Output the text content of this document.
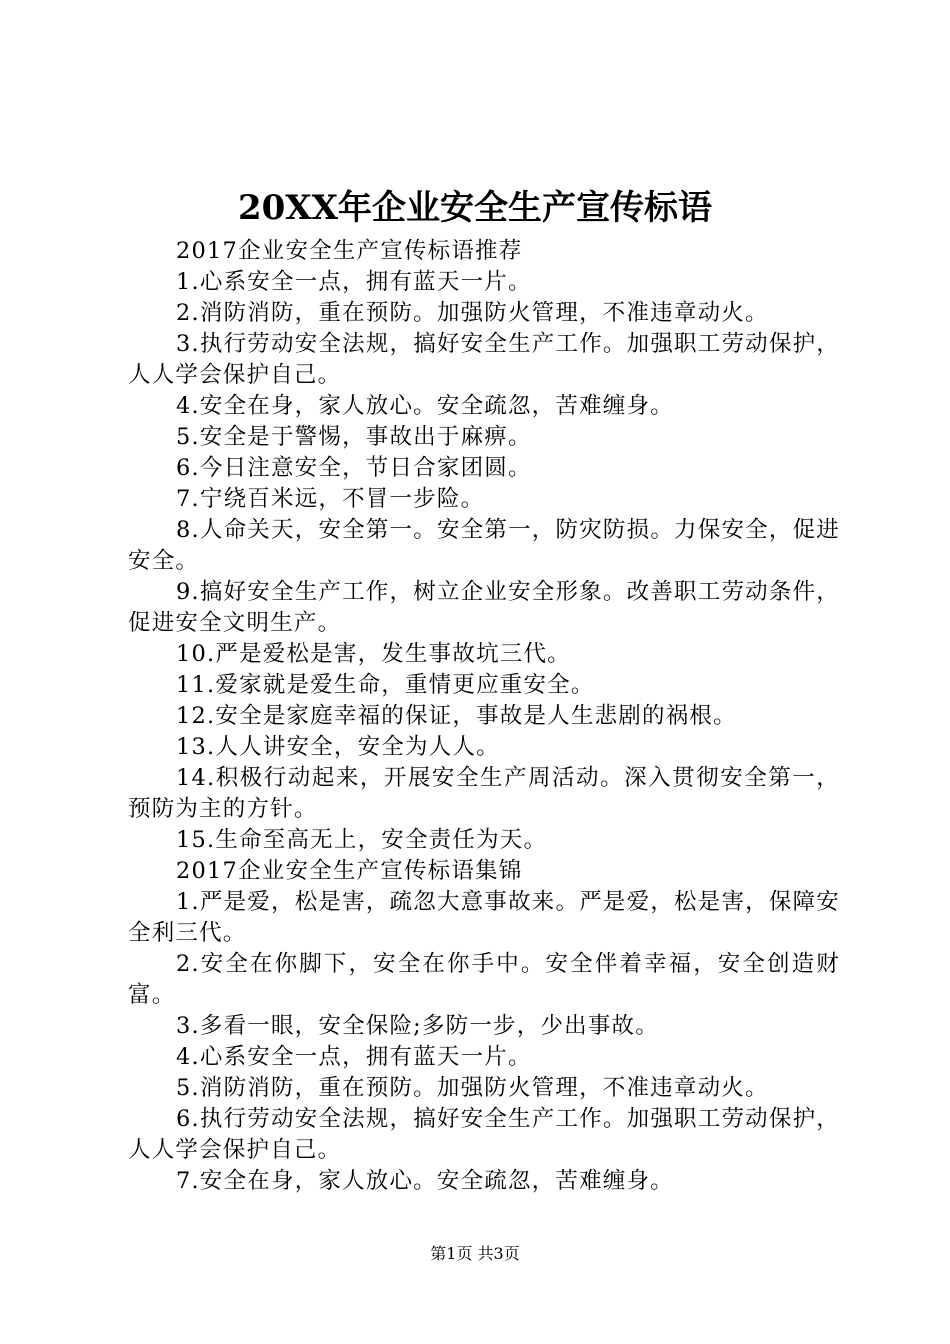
20XX年企业安全生产宣传标语

2017企业安全生产宣传标语推荐

1.心系安全一点，拥有蓝天一片。

2.消防消防，重在预防。加强防火管理，不准违章动火。

3.执行劳动安全法规，搞好安全生产工作。加强职工劳动保护，人人学会保护自己。

4.安全在身，家人放心。安全疏忽，苦难缠身。

5.安全是于警惕，事故出于麻痹。

6.今日注意安全，节日合家团圆。

7.宁绕百米远，不冒一步险。

8.人命关天，安全第一。安全第一，防灾防损。力保安全，促进安全。

9.搞好安全生产工作，树立企业安全形象。改善职工劳动条件，促进安全文明生产。

10.严是爱松是害，发生事故坑三代。

11.爱家就是爱生命，重情更应重安全。

12.安全是家庭幸福的保证，事故是人生悲剧的祸根。

13.人人讲安全，安全为人人。

14.积极行动起来，开展安全生产周活动。深入贯彻安全第一，预防为主的方针。

15.生命至高无上，安全责任为天。

2017企业安全生产宣传标语集锦

1.严是爱，松是害，疏忽大意事故来。严是爱，松是害，保障安全利三代。

2.安全在你脚下，安全在你手中。安全伴着幸福，安全创造财富。

3.多看一眼，安全保险;多防一步，少出事故。

4.心系安全一点，拥有蓝天一片。

5.消防消防，重在预防。加强防火管理，不准违章动火。

6.执行劳动安全法规，搞好安全生产工作。加强职工劳动保护，人人学会保护自己。

7.安全在身，家人放心。安全疏忽，苦难缠身。

第1页 共3页
